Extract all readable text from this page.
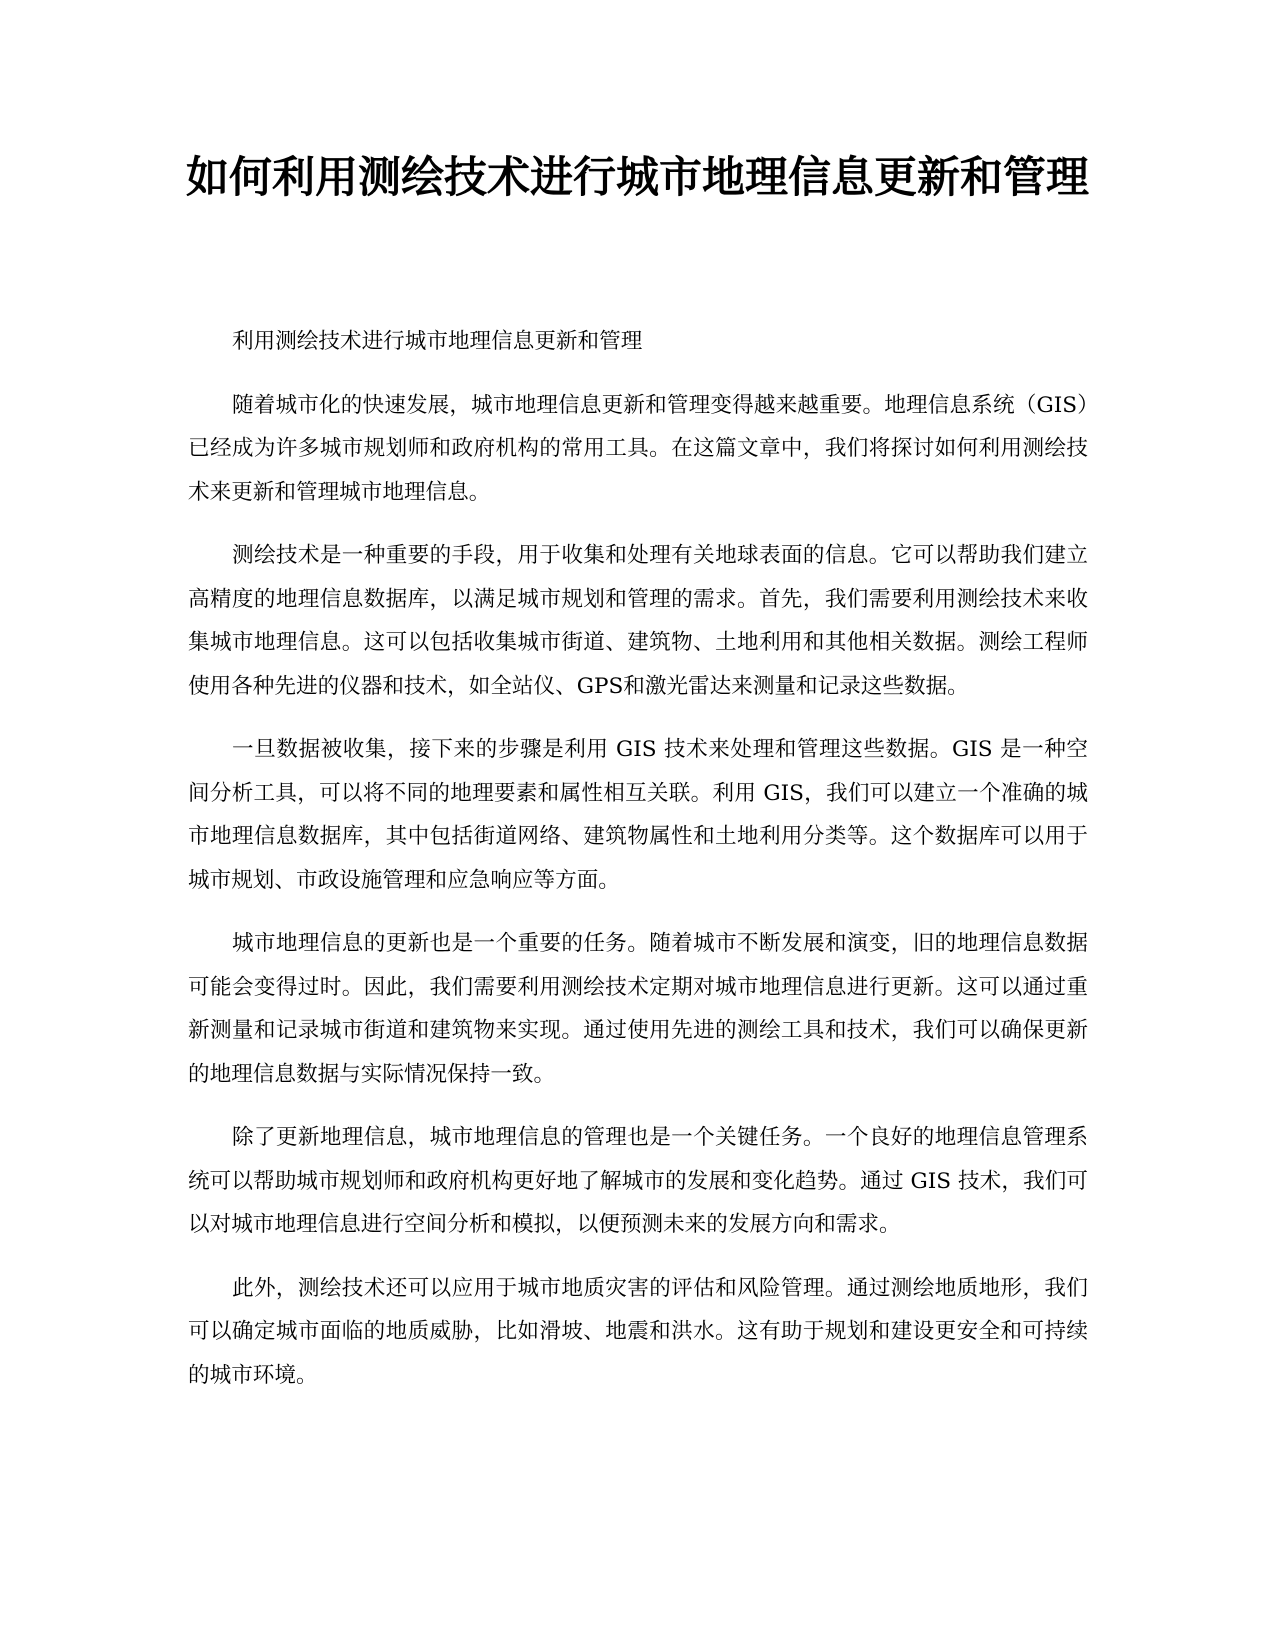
如何利用测绘技术进行城市地理信息更新和管理

利用测绘技术进行城市地理信息更新和管理

随着城市化的快速发展，城市地理信息更新和管理变得越来越重要。地理信息系统（GIS）已经成为许多城市规划师和政府机构的常用工具。在这篇文章中，我们将探讨如何利用测绘技术来更新和管理城市地理信息。

测绘技术是一种重要的手段，用于收集和处理有关地球表面的信息。它可以帮助我们建立高精度的地理信息数据库，以满足城市规划和管理的需求。首先，我们需要利用测绘技术来收集城市地理信息。这可以包括收集城市街道、建筑物、土地利用和其他相关数据。测绘工程师使用各种先进的仪器和技术，如全站仪、GPS和激光雷达来测量和记录这些数据。

一旦数据被收集，接下来的步骤是利用 GIS 技术来处理和管理这些数据。GIS 是一种空间分析工具，可以将不同的地理要素和属性相互关联。利用 GIS，我们可以建立一个准确的城市地理信息数据库，其中包括街道网络、建筑物属性和土地利用分类等。这个数据库可以用于城市规划、市政设施管理和应急响应等方面。

城市地理信息的更新也是一个重要的任务。随着城市不断发展和演变，旧的地理信息数据可能会变得过时。因此，我们需要利用测绘技术定期对城市地理信息进行更新。这可以通过重新测量和记录城市街道和建筑物来实现。通过使用先进的测绘工具和技术，我们可以确保更新的地理信息数据与实际情况保持一致。

除了更新地理信息，城市地理信息的管理也是一个关键任务。一个良好的地理信息管理系统可以帮助城市规划师和政府机构更好地了解城市的发展和变化趋势。通过 GIS 技术，我们可以对城市地理信息进行空间分析和模拟，以便预测未来的发展方向和需求。

此外，测绘技术还可以应用于城市地质灾害的评估和风险管理。通过测绘地质地形，我们可以确定城市面临的地质威胁，比如滑坡、地震和洪水。这有助于规划和建设更安全和可持续的城市环境。
